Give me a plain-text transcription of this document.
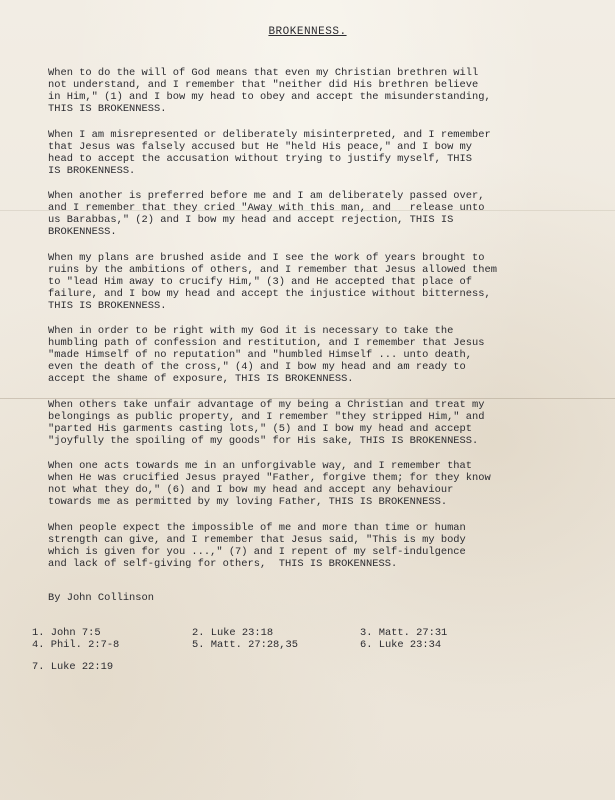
BROKENNESS.

When to do the will of God means that even my Christian brethren will
not understand, and I remember that "neither did His brethren believe
in Him," (1) and I bow my head to obey and accept the misunderstanding,
THIS IS BROKENNESS.

When I am misrepresented or deliberately misinterpreted, and I remember
that Jesus was falsely accused but He "held His peace," and I bow my
head to accept the accusation without trying to justify myself, THIS
IS BROKENNESS.

When another is preferred before me and I am deliberately passed over,
and I remember that they cried "Away with this man, and   release unto
us Barabbas," (2) and I bow my head and accept rejection, THIS IS
BROKENNESS.

When my plans are brushed aside and I see the work of years brought to
ruins by the ambitions of others, and I remember that Jesus allowed them
to "lead Him away to crucify Him," (3) and He accepted that place of
failure, and I bow my head and accept the injustice without bitterness,
THIS IS BROKENNESS.

When in order to be right with my God it is necessary to take the
humbling path of confession and restitution, and I remember that Jesus
"made Himself of no reputation" and "humbled Himself ... unto death,
even the death of the cross," (4) and I bow my head and am ready to
accept the shame of exposure, THIS IS BROKENNESS.

When others take unfair advantage of my being a Christian and treat my
belongings as public property, and I remember "they stripped Him," and
"parted His garments casting lots," (5) and I bow my head and accept
"joyfully the spoiling of my goods" for His sake, THIS IS BROKENNESS.

When one acts towards me in an unforgivable way, and I remember that
when He was crucified Jesus prayed "Father, forgive them; for they know
not what they do," (6) and I bow my head and accept any behaviour
towards me as permitted by my loving Father, THIS IS BROKENNESS.

When people expect the impossible of me and more than time or human
strength can give, and I remember that Jesus said, "This is my body
which is given for you ...," (7) and I repent of my self-indulgence
and lack of self-giving for others,  THIS IS BROKENNESS.

By John Collinson
1. John 7:5	2. Luke 23:18	3. Matt. 27:31
4. Phil. 2:7-8	5. Matt. 27:28,35	6. Luke 23:34
7. Luke 22:19
